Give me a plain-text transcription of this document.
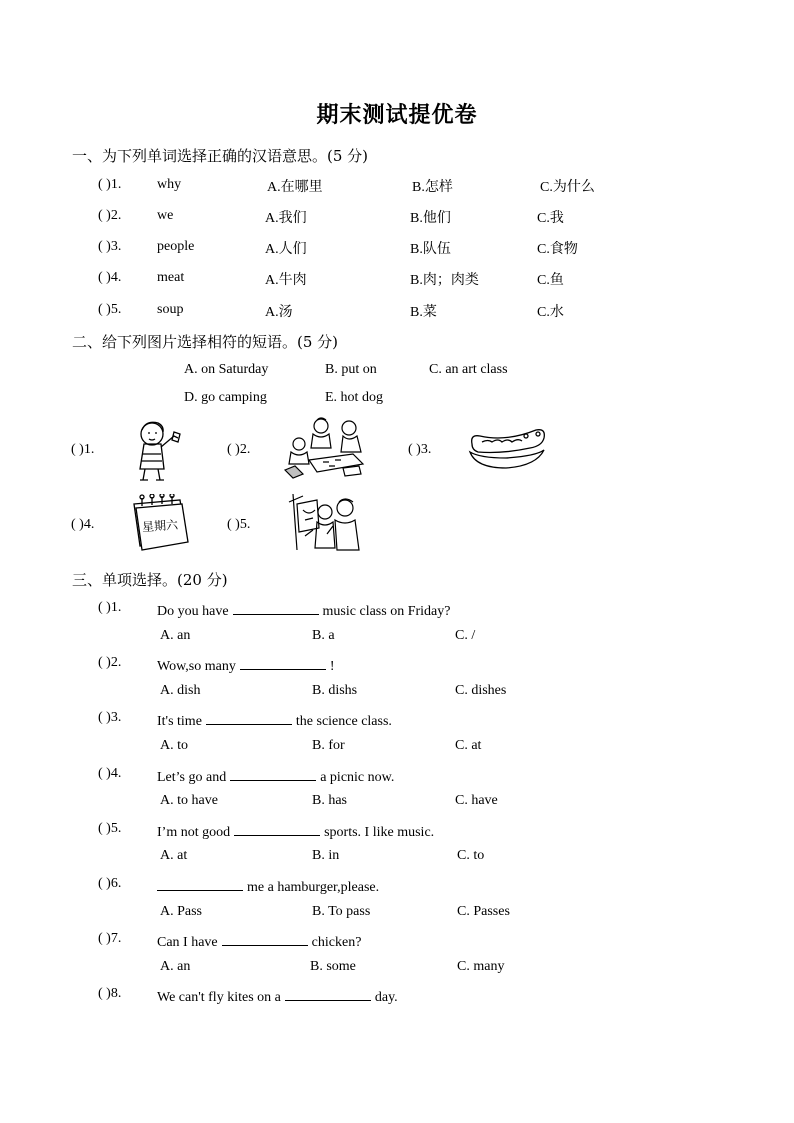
期末测试提优卷
一、为下列单词选择正确的汉语意思。(5 分)
( )1.	why	A.在哪里	B.怎样	C.为什么
( )2.	we	A.我们	B.他们	C.我
( )3.	people	A.人们	B.队伍	C.食物
( )4.	meat	A.牛肉	B.肉；肉类	C.鱼
( )5.	soup	A.汤	B.菜	C.水
二、给下列图片选择相符的短语。(5 分)
A. on Saturday	B. put on	C. an art class
D. go camping	E. hot dog
( )1.	( )2.	( )3.
( )4.	星期六	( )5.
三、单项选择。(20 分)
( )1.	Do you have	music class on Friday?
A. an	B. a	C. /
( )2.	Wow,so many	!
A. dish	B. dishs	C. dishes
( )3.	It's time	the science class.
A. to	B. for	C. at
( )4.	Let’s go and	a picnic now.
A. to have	B. has	C. have
( )5.	I’m not good	sports. I like music.
A. at	B. in	C. to
( )6.	me a hamburger,please.
A. Pass	B. To pass	C. Passes
( )7.	Can I have	chicken?
A. an	B. some	C. many
( )8.	We can't fly kites on a	day.
